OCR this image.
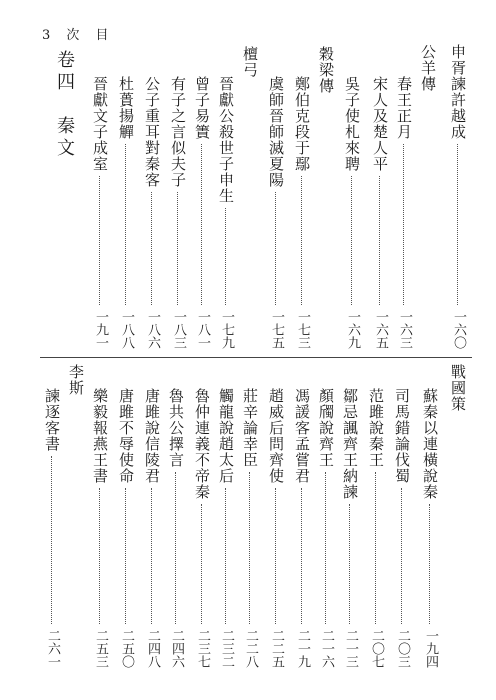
3 次 目
申胥諫許越成
一六〇
公羊傳
春王正月
一六三
宋人及楚人平
一六五
吳子使札來聘
一六九
穀梁傳
鄭伯克段于鄢
一七三
虞師晉師滅夏陽
一七五
檀弓
晉獻公殺世子申生
一七九
曾子易簀
一八一
有子之言似夫子
一八三
公子重耳對秦客
一八六
杜蕢揚觶
一八八
晉獻文子成室
一九一
卷四　秦文
戰國策
蘇秦以連橫說秦
一九四
司馬錯論伐蜀
二〇三
范雎說秦王
二〇七
鄒忌諷齊王納諫
二一三
顏斶說齊王
二一六
馮諼客孟嘗君
二一九
趙威后問齊使
二二五
莊辛論幸臣
二二八
觸龍說趙太后
二三二
魯仲連義不帝秦
二三七
魯共公擇言
二四六
唐雎說信陵君
二四八
唐雎不辱使命
二五〇
樂毅報燕王書
二五三
李斯
諫逐客書
二六一
